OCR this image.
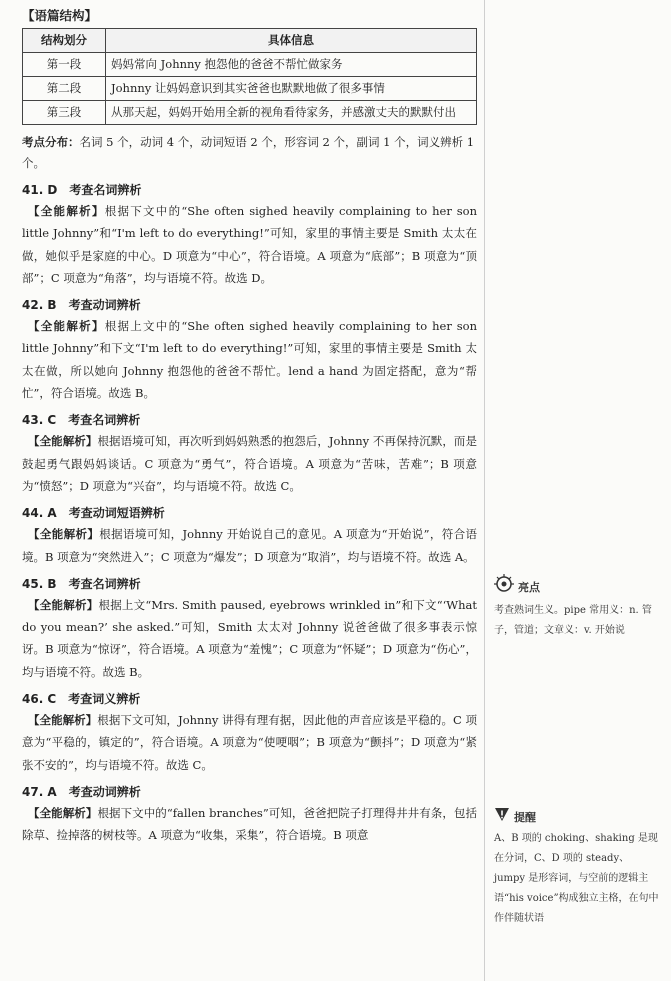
【语篇结构】
结构划分	具体信息
第一段	妈妈常向 Johnny 抱怨他的爸爸不帮忙做家务
第二段	Johnny 让妈妈意识到其实爸爸也默默地做了很多事情
第三段	从那天起，妈妈开始用全新的视角看待家务，并感激丈夫的默默付出
考点分布：名词 5 个，动词 4 个，动词短语 2 个，形容词 2 个，副词 1 个，词义辨析 1 个。
41. D 考查名词辨析
【全能解析】根据下文中的“She often sighed heavily complaining to her son little Johnny”和“I'm left to do everything!”可知，家里的事情主要是 Smith 太太在做，她似乎是家庭的中心。D 项意为“中心”，符合语境。A 项意为“底部”；B 项意为“顶部”；C 项意为“角落”，均与语境不符。故选 D。
42. B 考查动词辨析
【全能解析】根据上文中的“She often sighed heavily complaining to her son little Johnny”和下文“I'm left to do everything!”可知，家里的事情主要是 Smith 太太在做，所以她向 Johnny 抱怨他的爸爸不帮忙。lend a hand 为固定搭配，意为“帮忙”，符合语境。故选 B。
43. C 考查名词辨析
【全能解析】根据语境可知，再次听到妈妈熟悉的抱怨后，Johnny 不再保持沉默，而是鼓起勇气跟妈妈谈话。C 项意为“勇气”，符合语境。A 项意为“苦味，苦难”；B 项意为“愤怒”；D 项意为“兴奋”，均与语境不符。故选 C。
44. A 考查动词短语辨析
【全能解析】根据语境可知，Johnny 开始说自己的意见。A 项意为“开始说”，符合语境。B 项意为“突然进入”；C 项意为“爆发”；D 项意为“取消”，均与语境不符。故选 A。
45. B 考查名词辨析
【全能解析】根据上文“Mrs. Smith paused, eyebrows wrinkled in”和下文“‘What do you mean?’ she asked.”可知，Smith 太太对 Johnny 说爸爸做了很多事表示惊讶。B 项意为“惊讶”，符合语境。A 项意为“羞愧”；C 项意为“怀疑”；D 项意为“伤心”，均与语境不符。故选 B。
46. C 考查词义辨析
【全能解析】根据下文可知，Johnny 讲得有理有据，因此他的声音应该是平稳的。C 项意为“平稳的，镇定的”，符合语境。A 项意为“使哽咽”；B 项意为“颤抖”；D 项意为“紧张不安的”，均与语境不符。故选 C。
47. A 考查动词辨析
【全能解析】根据下文中的“fallen branches”可知，爸爸把院子打理得井井有条，包括除草、捡掉落的树枝等。A 项意为“收集，采集”，符合语境。B 项意
亮点
考查熟词生义。pipe 常用义：n. 管子，管道；文章义：v. 开始说
提醒
A、B 项的 choking、shaking 是现在分词，C、D 项的 steady、jumpy 是形容词，与空前的逻辑主语“his voice”构成独立主格，在句中作伴随状语
